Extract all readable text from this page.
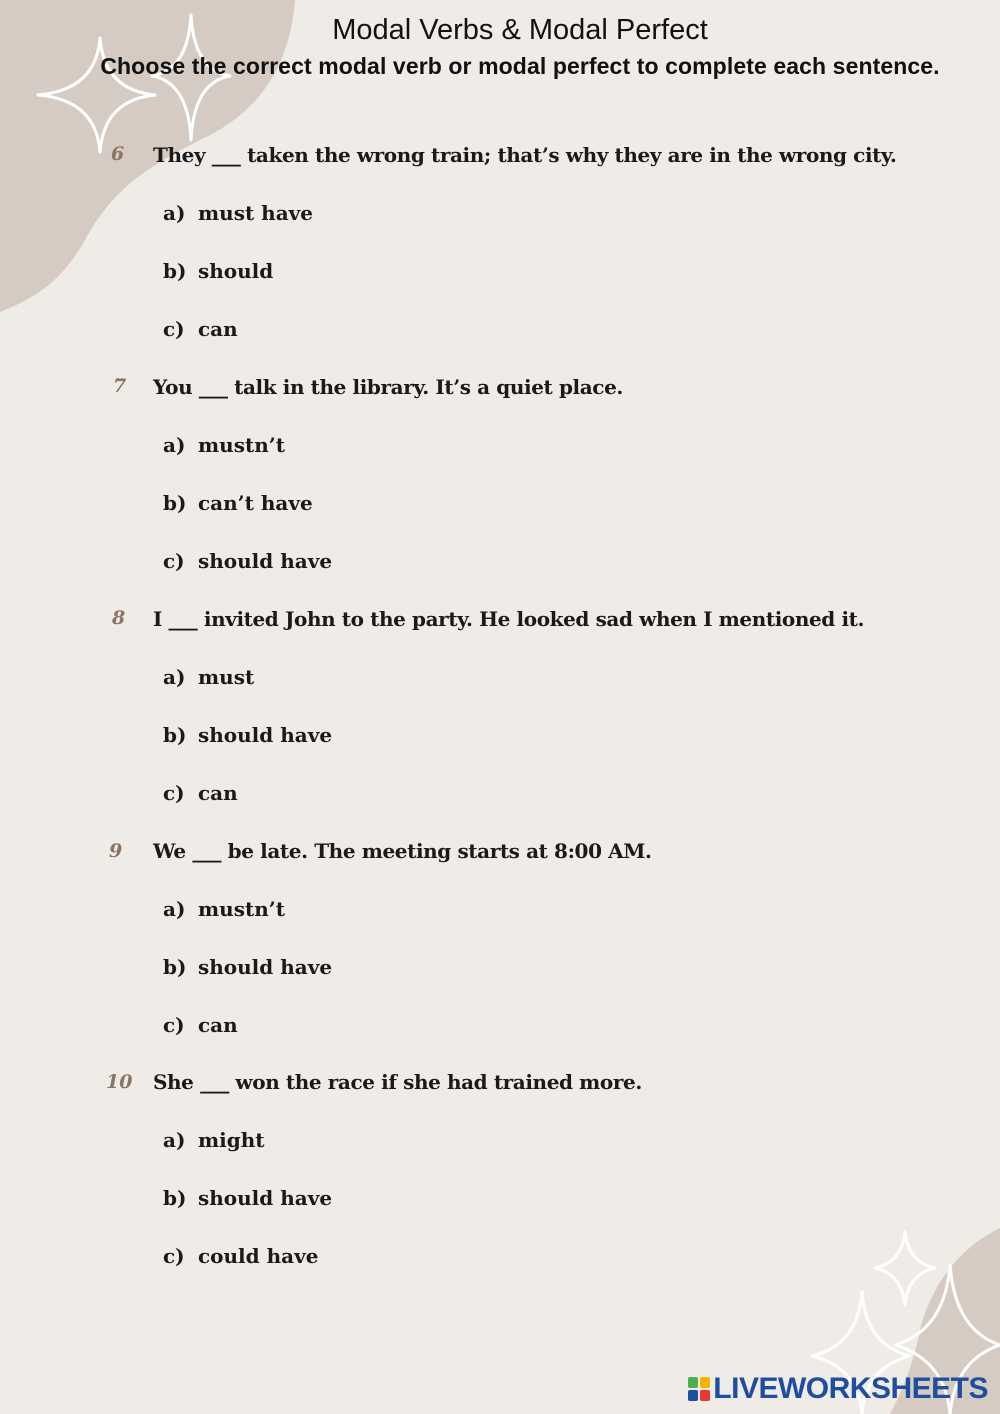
Modal Verbs & Modal Perfect
Choose the correct modal verb or modal perfect to complete each sentence.
6 They ___ taken the wrong train; that’s why they are in the wrong city.
a) must have
b) should
c) can
7 You ___ talk in the library. It’s a quiet place.
a) mustn’t
b) can’t have
c) should have
8 I ___ invited John to the party. He looked sad when I mentioned it.
a) must
b) should have
c) can
9 We ___ be late. The meeting starts at 8:00 AM.
a) mustn’t
b) should have
c) can
10 She ___ won the race if she had trained more.
a) might
b) should have
c) could have
LIVEWORKSHEETS
